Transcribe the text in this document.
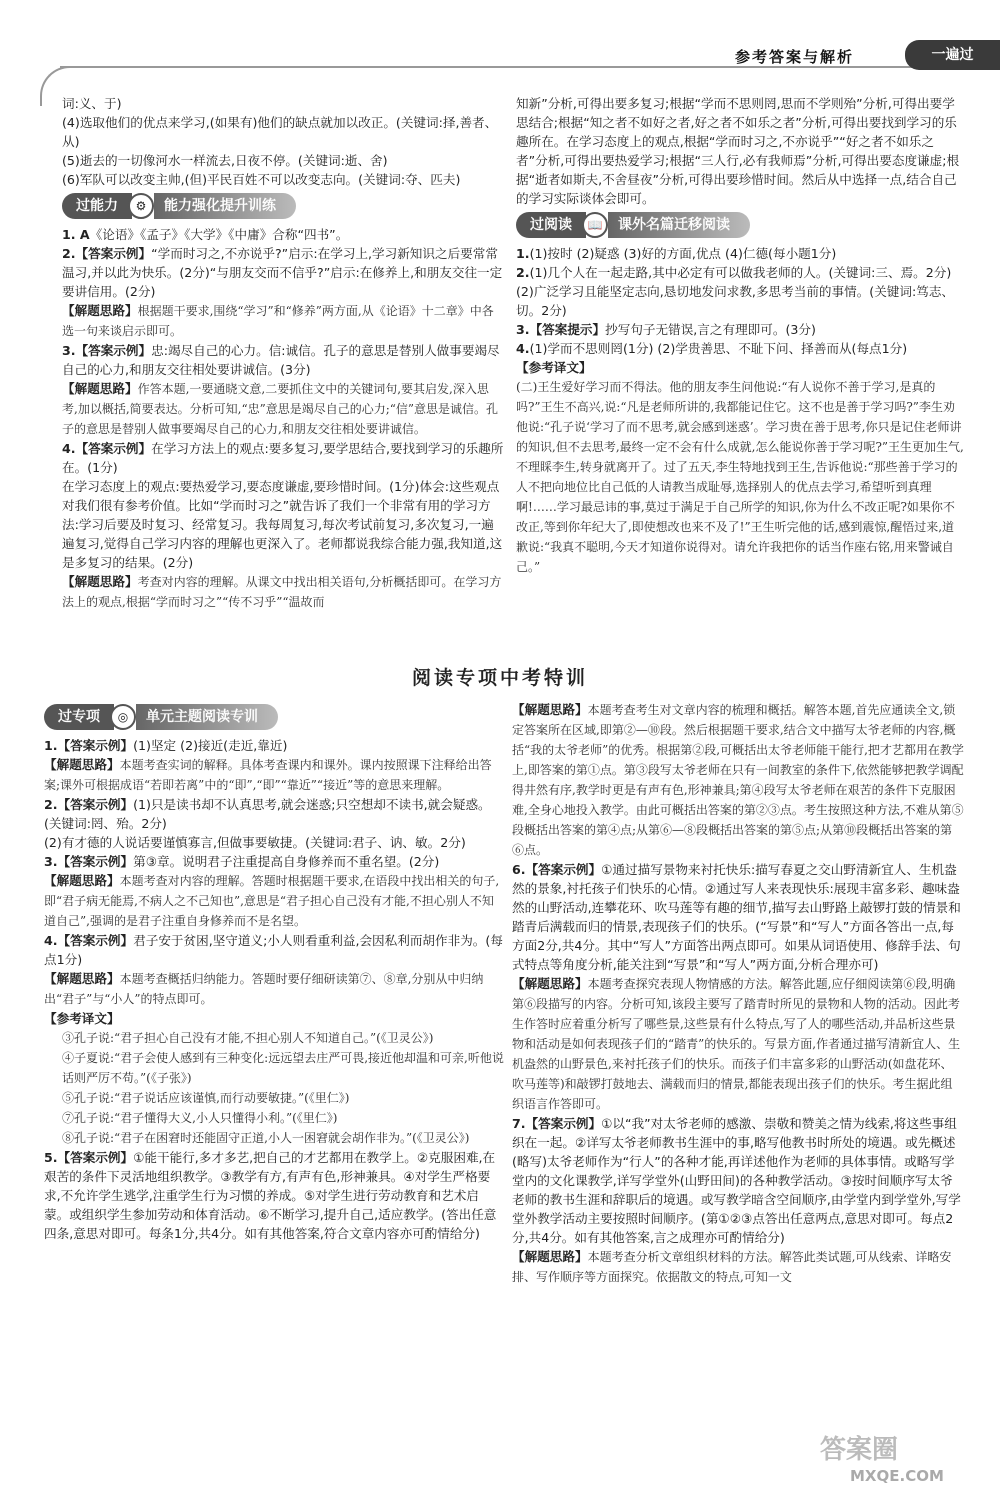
参考答案与解析	一遍过

词:义、于)

(4)选取他们的优点来学习,(如果有)他们的缺点就加以改正。(关键词:择,善者、从)

(5)逝去的一切像河水一样流去,日夜不停。(关键词:逝、舍)

(6)军队可以改变主帅,(但)平民百姓不可以改变志向。(关键词:夺、匹夫)

过能力	⚙	能力强化提升训练

1. A《论语》《孟子》《大学》《中庸》合称“四书”。

2.【答案示例】“学而时习之,不亦说乎?”启示:在学习上,学习新知识之后要常常温习,并以此为快乐。(2分)“与朋友交而不信乎?”启示:在修养上,和朋友交往一定要讲信用。(2分)

【解题思路】根据题干要求,围绕“学习”和“修养”两方面,从《论语》十二章》中各选一句来谈启示即可。

3.【答案示例】忠:竭尽自己的心力。信:诚信。孔子的意思是替别人做事要竭尽自己的心力,和朋友交往相处要讲诚信。(3分)

【解题思路】作答本题,一要通晓文意,二要抓住文中的关键词句,要其启发,深入思考,加以概括,简要表达。分析可知,“忠”意思是竭尽自己的心力;“信”意思是诚信。孔子的意思是替别人做事要竭尽自己的心力,和朋友交往相处要讲诚信。

4.【答案示例】在学习方法上的观点:要多复习,要学思结合,要找到学习的乐趣所在。(1分)

在学习态度上的观点:要热爱学习,要态度谦虚,要珍惜时间。(1分)体会:这些观点对我们很有参考价值。比如“学而时习之”就告诉了我们一个非常有用的学习方法:学习后要及时复习、经常复习。我每周复习,每次考试前复习,多次复习,一遍遍复习,觉得自己学习内容的理解也更深入了。老师都说我综合能力强,我知道,这是多复习的结果。(2分)

【解题思路】考查对内容的理解。从课文中找出相关语句,分析概括即可。在学习方法上的观点,根据“学而时习之”“传不习乎”“温故而

知新”分析,可得出要多复习;根据“学而不思则罔,思而不学则殆”分析,可得出要学思结合;根据“知之者不如好之者,好之者不如乐之者”分析,可得出要找到学习的乐趣所在。在学习态度上的观点,根据“学而时习之,不亦说乎”“好之者不如乐之者”分析,可得出要热爱学习;根据“三人行,必有我师焉”分析,可得出要态度谦虚;根据“逝者如斯夫,不舍昼夜”分析,可得出要珍惜时间。然后从中选择一点,结合自己的学习实际谈体会即可。

过阅读	📖	课外名篇迁移阅读

1.(1)按时 (2)疑惑 (3)好的方面,优点 (4)仁德(每小题1分)

2.(1)几个人在一起走路,其中必定有可以做我老师的人。(关键词:三、焉。2分)

(2)广泛学习且能坚定志向,恳切地发问求教,多思考当前的事情。(关键词:笃志、切。2分)

3.【答案提示】抄写句子无错误,言之有理即可。(3分)

4.(1)学而不思则罔(1分) (2)学贵善思、不耻下问、择善而从(每点1分)

【参考译文】

(二)王生爱好学习而不得法。他的朋友李生问他说:“有人说你不善于学习,是真的吗?”王生不高兴,说:“凡是老师所讲的,我都能记住它。这不也是善于学习吗?”李生劝他说:“孔子说‘学习了而不思考,就会感到迷惑’。学习贵在善于思考,你只是记住老师讲的知识,但不去思考,最终一定不会有什么成就,怎么能说你善于学习呢?”王生更加生气,不理睬李生,转身就离开了。过了五天,李生特地找到王生,告诉他说:“那些善于学习的人不把向地位比自己低的人请教当成耻辱,选择别人的优点去学习,希望听到真理啊!……学习最忌讳的事,莫过于满足于自己所学的知识,你为什么不改正呢?如果你不改正,等到你年纪大了,即使想改也来不及了!”王生听完他的话,感到震惊,醒悟过来,道歉说:“我真不聪明,今天才知道你说得对。请允许我把你的话当作座右铭,用来警诫自己。”

阅读专项中考特训
过专项	◎	单元主题阅读专训

1.【答案示例】(1)坚定 (2)接近(走近,靠近)

【解题思路】本题考查实词的解释。具体考查课内和课外。课内按照课下注释给出答案;课外可根据成语“若即若离”中的“即”,“即”“靠近”“接近”等的意思来理解。

2.【答案示例】(1)只是读书却不认真思考,就会迷惑;只空想却不读书,就会疑惑。(关键词:罔、殆。2分)

(2)有才德的人说话要谨慎寡言,但做事要敏捷。(关键词:君子、讷、敏。2分)

3.【答案示例】第③章。说明君子注重提高自身修养而不重名望。(2分)

【解题思路】本题考查对内容的理解。答题时根据题干要求,在语段中找出相关的句子,即“君子病无能焉,不病人之不己知也”,意思是“君子担心自己没有才能,不担心别人不知道自己”,强调的是君子注重自身修养而不是名望。

4.【答案示例】君子安于贫困,坚守道义;小人则看重利益,会因私利而胡作非为。(每点1分)

【解题思路】本题考查概括归纳能力。答题时要仔细研读第⑦、⑧章,分别从中归纳出“君子”与“小人”的特点即可。

【参考译文】

③孔子说:“君子担心自己没有才能,不担心别人不知道自己。”(《卫灵公》)

④子夏说:“君子会使人感到有三种变化:远远望去庄严可畏,接近他却温和可亲,听他说话则严厉不苟。”(《子张》)

⑤孔子说:“君子说话应该谨慎,而行动要敏捷。”(《里仁》)

⑦孔子说:“君子懂得大义,小人只懂得小利。”(《里仁》)

⑧孔子说:“君子在困窘时还能固守正道,小人一困窘就会胡作非为。”(《卫灵公》)

5.【答案示例】①能干能行,多才多艺,把自己的才艺都用在教学上。②克服困难,在艰苦的条件下灵活地组织教学。③教学有方,有声有色,形神兼具。④对学生严格要求,不允许学生逃学,注重学生行为习惯的养成。⑤对学生进行劳动教育和艺术启蒙。或组织学生参加劳动和体育活动。⑥不断学习,提升自己,适应教学。(答出任意四条,意思对即可。每条1分,共4分。如有其他答案,符合文章内容亦可酌情给分)

【解题思路】本题考查考生对文章内容的梳理和概括。解答本题,首先应通读全文,锁定答案所在区域,即第②—⑩段。然后根据题干要求,结合文中描写太爷老师的内容,概括“我的太爷老师”的优秀。根据第②段,可概括出太爷老师能干能行,把才艺都用在教学上,即答案的第①点。第③段写太爷老师在只有一间教室的条件下,依然能够把教学调配得井然有序,教学时更是有声有色,形神兼具;第④段写太爷老师在艰苦的条件下克服困难,全身心地投入教学。由此可概括出答案的第②③点。考生按照这种方法,不难从第⑤段概括出答案的第④点;从第⑥—⑧段概括出答案的第⑤点;从第⑩段概括出答案的第⑥点。

6.【答案示例】①通过描写景物来衬托快乐:描写春夏之交山野清新宜人、生机盎然的景象,衬托孩子们快乐的心情。②通过写人来表现快乐:展现丰富多彩、趣味盎然的山野活动,连攀花环、吹马莲等有趣的细节,描写去山野路上敲锣打鼓的情景和踏青后满载而归的情景,表现孩子们的快乐。(“写景”和“写人”方面各答出一点,每方面2分,共4分。其中“写人”方面答出两点即可。如果从词语使用、修辞手法、句式特点等角度分析,能关注到“写景”和“写人”两方面,分析合理亦可)

【解题思路】本题考查探究表现人物情感的方法。解答此题,应仔细阅读第⑥段,明确第⑥段描写的内容。分析可知,该段主要写了踏青时所见的景物和人物的活动。因此考生作答时应着重分析写了哪些景,这些景有什么特点,写了人的哪些活动,并品析这些景物和活动是如何表现孩子们的“踏青”的快乐的。写景方面,作者通过描写清新宜人、生机盎然的山野景色,来衬托孩子们的快乐。而孩子们丰富多彩的山野活动(如盘花环、吹马莲等)和敲锣打鼓地去、满载而归的情景,都能表现出孩子们的快乐。考生据此组织语言作答即可。

7.【答案示例】①以“我”对太爷老师的感激、崇敬和赞美之情为线索,将这些事组织在一起。②详写太爷老师教书生涯中的事,略写他教书时所处的境遇。或先概述(略写)太爷老师作为“行人”的各种才能,再详述他作为老师的具体事情。或略写学堂内的文化课教学,详写学堂外(山野田间)的各种教学活动。③按时间顺序写太爷老师的教书生涯和辞职后的境遇。或写教学暗含空间顺序,由学堂内到学堂外,写学堂外教学活动主要按照时间顺序。(第①②③点答出任意两点,意思对即可。每点2分,共4分。如有其他答案,言之成理亦可酌情给分)

【解题思路】本题考查分析文章组织材料的方法。解答此类试题,可从线索、详略安排、写作顺序等方面探究。依据散文的特点,可知一文

答案圈
MXQE.COM
